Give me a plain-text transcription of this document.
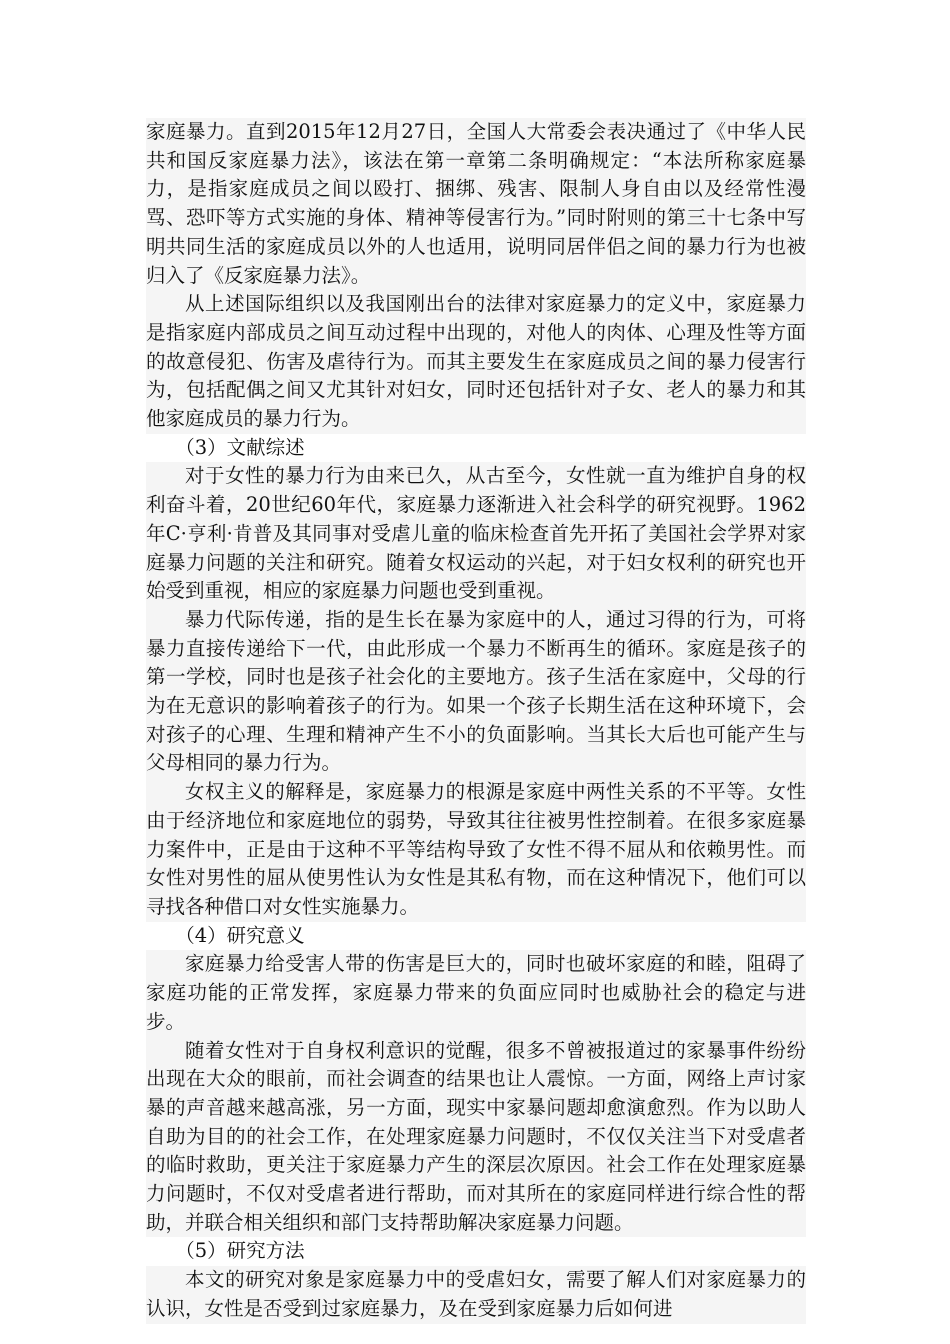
家庭暴力。直到2015年12月27日，全国人大常委会表决通过了《中华人民共和国反家庭暴力法》，该法在第一章第二条明确规定：“本法所称家庭暴力，是指家庭成员之间以殴打、捆绑、残害、限制人身自由以及经常性漫骂、恐吓等方式实施的身体、精神等侵害行为。”同时附则的第三十七条中写明共同生活的家庭成员以外的人也适用，说明同居伴侣之间的暴力行为也被归入了《反家庭暴力法》。

从上述国际组织以及我国刚出台的法律对家庭暴力的定义中，家庭暴力是指家庭内部成员之间互动过程中出现的，对他人的肉体、心理及性等方面的故意侵犯、伤害及虐待行为。而其主要发生在家庭成员之间的暴力侵害行为，包括配偶之间又尤其针对妇女，同时还包括针对子女、老人的暴力和其他家庭成员的暴力行为。

（3）文献综述

对于女性的暴力行为由来已久，从古至今，女性就一直为维护自身的权利奋斗着，20世纪60年代，家庭暴力逐渐进入社会科学的研究视野。1962年C·亨利·肯普及其同事对受虐儿童的临床检查首先开拓了美国社会学界对家庭暴力问题的关注和研究。随着女权运动的兴起，对于妇女权利的研究也开始受到重视，相应的家庭暴力问题也受到重视。

暴力代际传递，指的是生长在暴为家庭中的人，通过习得的行为，可将暴力直接传递给下一代，由此形成一个暴力不断再生的循环。家庭是孩子的第一学校，同时也是孩子社会化的主要地方。孩子生活在家庭中，父母的行为在无意识的影响着孩子的行为。如果一个孩子长期生活在这种环境下，会对孩子的心理、生理和精神产生不小的负面影响。当其长大后也可能产生与父母相同的暴力行为。

女权主义的解释是，家庭暴力的根源是家庭中两性关系的不平等。女性由于经济地位和家庭地位的弱势，导致其往往被男性控制着。在很多家庭暴力案件中，正是由于这种不平等结构导致了女性不得不屈从和依赖男性。而女性对男性的屈从使男性认为女性是其私有物，而在这种情况下，他们可以寻找各种借口对女性实施暴力。

（4）研究意义

家庭暴力给受害人带的伤害是巨大的，同时也破坏家庭的和睦，阻碍了家庭功能的正常发挥，家庭暴力带来的负面应同时也威胁社会的稳定与进步。

随着女性对于自身权利意识的觉醒，很多不曾被报道过的家暴事件纷纷出现在大众的眼前，而社会调查的结果也让人震惊。一方面，网络上声讨家暴的声音越来越高涨，另一方面，现实中家暴问题却愈演愈烈。作为以助人自助为目的的社会工作，在处理家庭暴力问题时，不仅仅关注当下对受虐者的临时救助，更关注于家庭暴力产生的深层次原因。社会工作在处理家庭暴力问题时，不仅对受虐者进行帮助，而对其所在的家庭同样进行综合性的帮助，并联合相关组织和部门支持帮助解决家庭暴力问题。

（5）研究方法

本文的研究对象是家庭暴力中的受虐妇女，需要了解人们对家庭暴力的认识，女性是否受到过家庭暴力，及在受到家庭暴力后如何进
